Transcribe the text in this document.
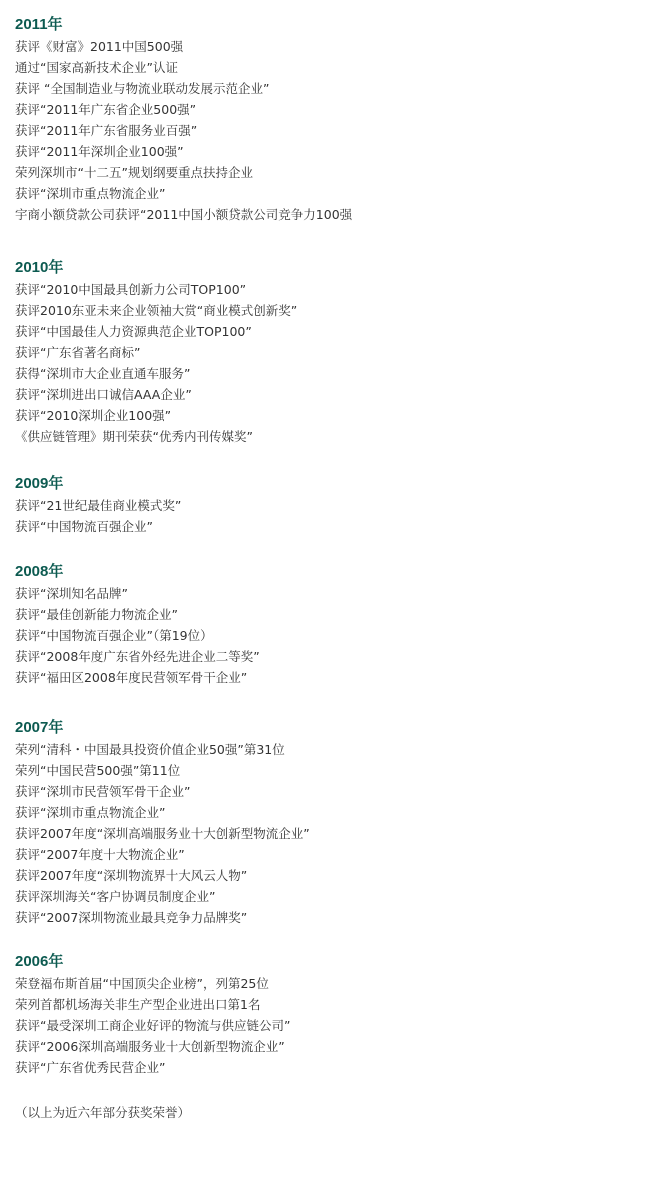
2011年
获评《财富》2011中国500强
通过“国家高新技术企业”认证
获评 “全国制造业与物流业联动发展示范企业”
获评“2011年广东省企业500强”
获评“2011年广东省服务业百强”
获评“2011年深圳企业100强”
荣列深圳市“十二五”规划纲要重点扶持企业
获评“深圳市重点物流企业”
宇商小额贷款公司获评“2011中国小额贷款公司竞争力100强
2010年
获评“2010中国最具创新力公司TOP100”
获评2010东亚未来企业领袖大赏“商业模式创新奖”
获评“中国最佳人力资源典范企业TOP100”
获评“广东省著名商标”
获得“深圳市大企业直通车服务”
获评“深圳进出口诚信AAA企业”
获评“2010深圳企业100强”
《供应链管理》期刊荣获“优秀内刊传媒奖”
2009年
获评“21世纪最佳商业模式奖”
获评“中国物流百强企业”
2008年
获评“深圳知名品牌”
获评“最佳创新能力物流企业”
获评“中国物流百强企业”（第19位）
获评“2008年度广东省外经先进企业二等奖”
获评“福田区2008年度民营领军骨干企业”
2007年
荣列“清科・中国最具投资价值企业50强”第31位
荣列“中国民营500强”第11位
获评“深圳市民营领军骨干企业”
获评“深圳市重点物流企业”
获评2007年度“深圳高端服务业十大创新型物流企业”
获评“2007年度十大物流企业”
获评2007年度“深圳物流界十大风云人物”
获评深圳海关“客户协调员制度企业”
获评“2007深圳物流业最具竞争力品牌奖”
2006年
荣登福布斯首届“中国顶尖企业榜”，列第25位
荣列首都机场海关非生产型企业进出口第1名
获评“最受深圳工商企业好评的物流与供应链公司”
获评“2006深圳高端服务业十大创新型物流企业”
获评“广东省优秀民营企业”
（以上为近六年部分获奖荣誉）
